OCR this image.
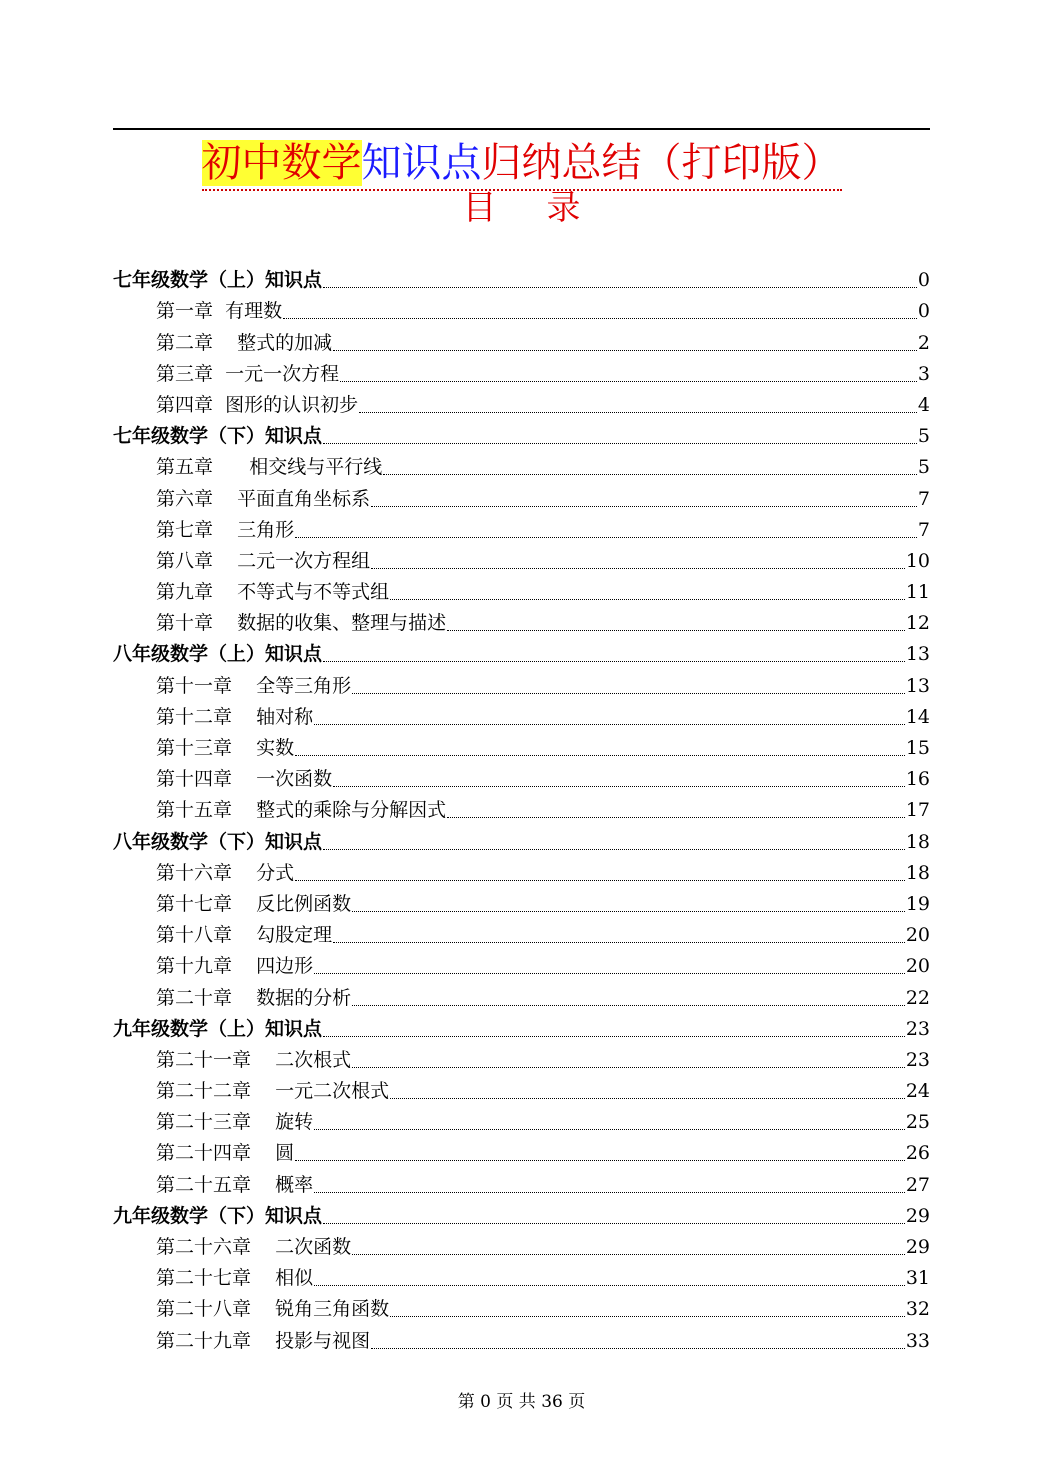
初中数学知识点归纳总结（打印版）
目录
七年级数学（上）知识点	0
第一章  有理数	0
第二章    整式的加减	2
第三章  一元一次方程	3
第四章  图形的认识初步	4
七年级数学（下）知识点	5
第五章      相交线与平行线	5
第六章    平面直角坐标系	7
第七章    三角形	7
第八章    二元一次方程组	10
第九章    不等式与不等式组	11
第十章    数据的收集、整理与描述	12
八年级数学（上）知识点	13
第十一章    全等三角形	13
第十二章    轴对称	14
第十三章    实数	15
第十四章    一次函数	16
第十五章    整式的乘除与分解因式	17
八年级数学（下）知识点	18
第十六章    分式	18
第十七章    反比例函数	19
第十八章    勾股定理	20
第十九章    四边形	20
第二十章    数据的分析	22
九年级数学（上）知识点	23
第二十一章    二次根式	23
第二十二章    一元二次根式	24
第二十三章    旋转	25
第二十四章    圆	26
第二十五章    概率	27
九年级数学（下）知识点	29
第二十六章    二次函数	29
第二十七章    相似	31
第二十八章    锐角三角函数	32
第二十九章    投影与视图	33
第 0 页 共 36 页
